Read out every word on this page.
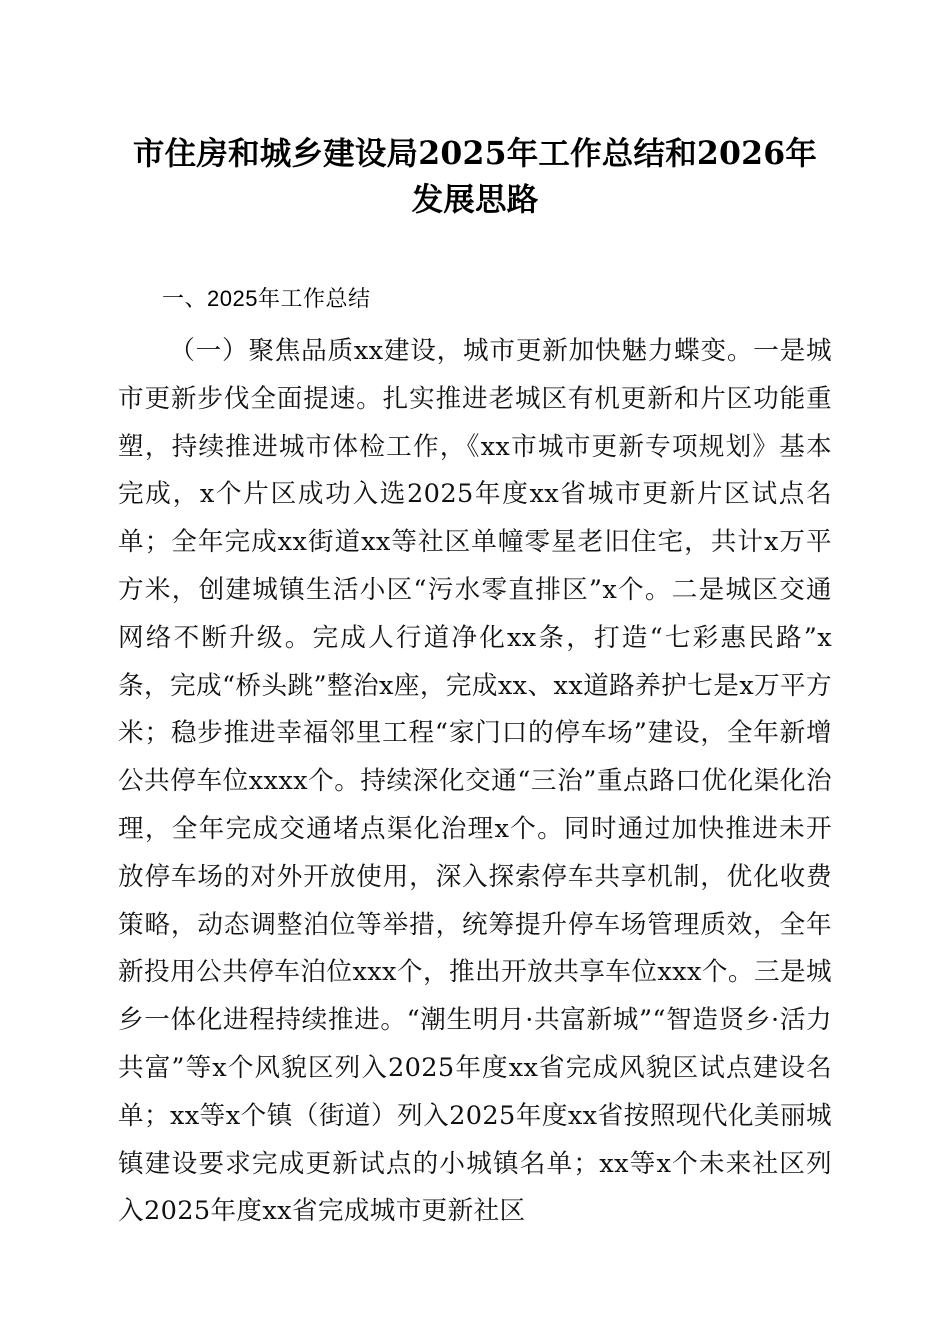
市住房和城乡建设局2025年工作总结和2026年发展思路
一、2025年工作总结

（一）聚焦品质xx建设，城市更新加快魅力蝶变。一是城市更新步伐全面提速。扎实推进老城区有机更新和片区功能重塑，持续推进城市体检工作，《xx市城市更新专项规划》基本完成，x个片区成功入选2025年度xx省城市更新片区试点名单；全年完成xx街道xx等社区单幢零星老旧住宅，共计x万平方米，创建城镇生活小区“污水零直排区”x个。二是城区交通网络不断升级。完成人行道净化xx条，打造“七彩惠民路”x条，完成“桥头跳”整治x座，完成xx、xx道路养护七是x万平方米；稳步推进幸福邻里工程“家门口的停车场”建设，全年新增公共停车位xxxx个。持续深化交通“三治”重点路口优化渠化治理，全年完成交通堵点渠化治理x个。同时通过加快推进未开放停车场的对外开放使用，深入探索停车共享机制，优化收费策略，动态调整泊位等举措，统筹提升停车场管理质效，全年新投用公共停车泊位xxx个，推出开放共享车位xxx个。三是城乡一体化进程持续推进。“潮生明月·共富新城”“智造贤乡·活力共富”等x个风貌区列入2025年度xx省完成风貌区试点建设名单；xx等x个镇（街道）列入2025年度xx省按照现代化美丽城镇建设要求完成更新试点的小城镇名单；xx等x个未来社区列入2025年度xx省完成城市更新社区
